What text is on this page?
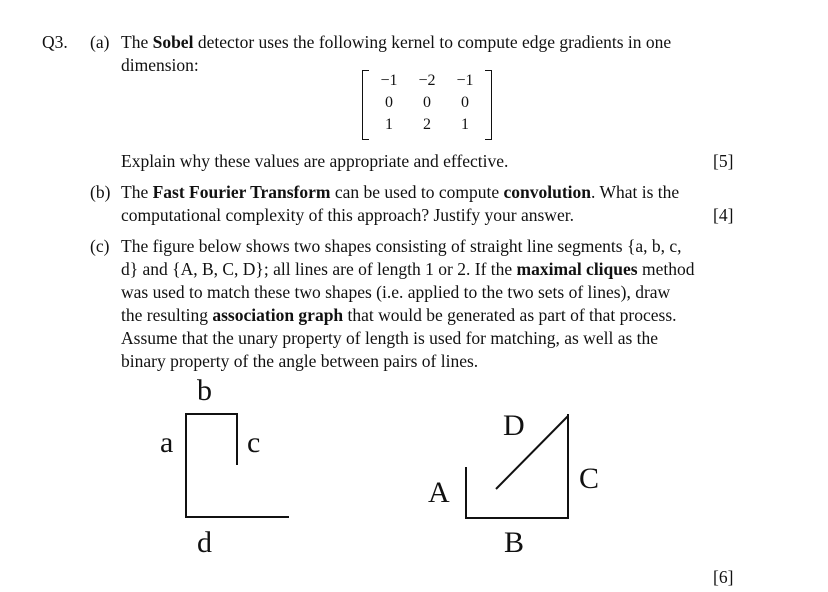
Q3. (a) The Sobel detector uses the following kernel to compute edge gradients in one
dimension:
−1	−2	−1
0	0	0
1	2	1
Explain why these values are appropriate and effective.	[5]
(b) The Fast Fourier Transform can be used to compute convolution. What is the
computational complexity of this approach? Justify your answer.	[4]
(c) The figure below shows two shapes consisting of straight line segments {a, b, c,
d} and {A, B, C, D}; all lines are of length 1 or 2. If the maximal cliques method
was used to match these two shapes (i.e. applied to the two sets of lines), draw
the resulting association graph that would be generated as part of that process.
Assume that the unary property of length is used for matching, as well as the
binary property of the angle between pairs of lines.
b
a c
d
D
A	C
B
[6]
